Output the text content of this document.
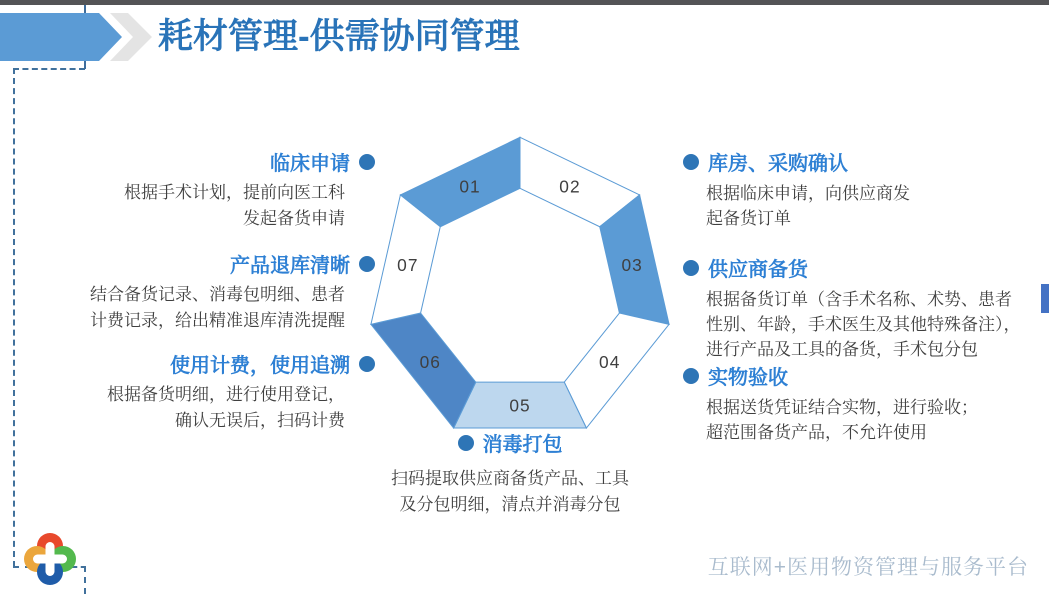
耗材管理-供需协同管理
临床申请
根据手术计划，提前向医工科
发起备货申请
产品退库清晰
结合备货记录、消毒包明细、患者
计费记录，给出精准退库清洗提醒
使用计费，使用追溯
根据备货明细，进行使用登记，
确认无误后，扫码计费
01	02
03
04
05
06
07
库房、采购确认
根据临床申请，向供应商发
起备货订单
供应商备货
根据备货订单（含手术名称、术势、患者
性别、年龄，手术医生及其他特殊备注），
进行产品及工具的备货，手术包分包
实物验收
根据送货凭证结合实物，进行验收；
超范围备货产品，不允许使用
消毒打包
扫码提取供应商备货产品、工具
及分包明细，清点并消毒分包
互联网+医用物资管理与服务平台
